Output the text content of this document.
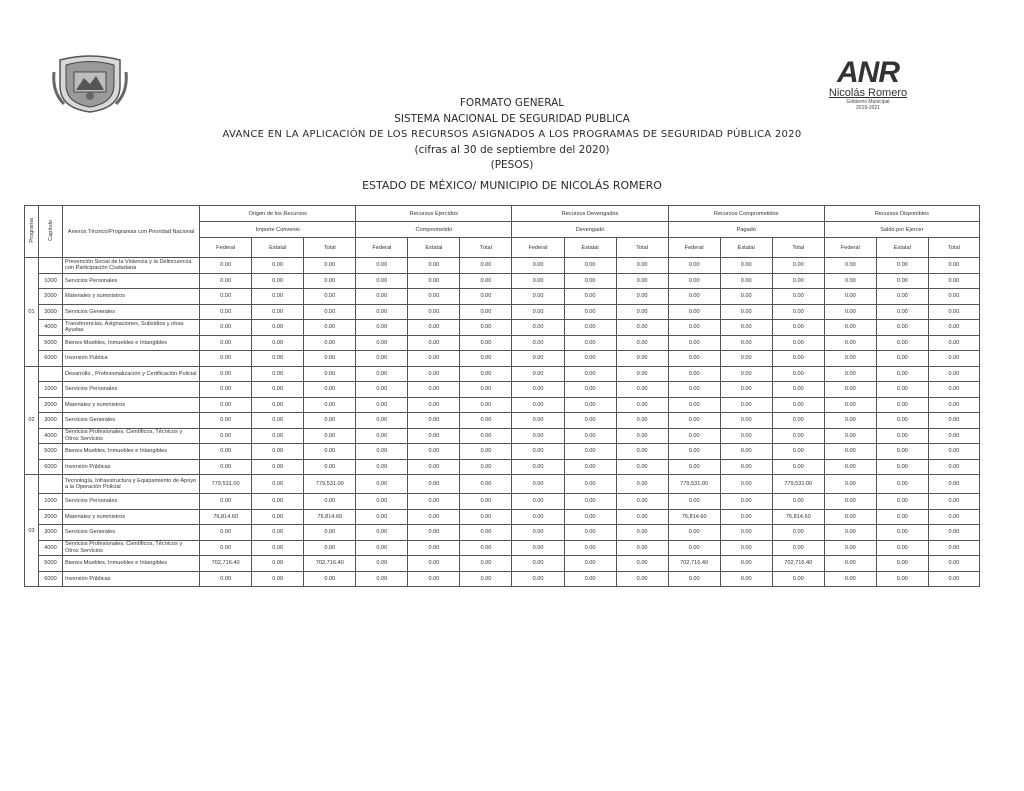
ANR
Nicolás Romero
Gobierno Municipal
2019-2021
FORMATO GENERAL
SISTEMA NACIONAL DE SEGURIDAD PUBLICA
AVANCE EN LA APLICACIÓN DE LOS RECURSOS ASIGNADOS A LOS PROGRAMAS DE SEGURIDAD PÚBLICA 2020
(cifras al 30 de septiembre del 2020)
(PESOS)
ESTADO DE MÉXICO/ MUNICIPIO DE NICOLÁS ROMERO
Programa	Capítulo	Anexos Técnico/Programas con Prioridad Nacional	Origen de los Recursos			Recursos Ejercidos			Recursos Devengados			Recursos Comprometidos			Recursos Disponibles		
			Importe Convenio			Comprometido			Devengado			Pagado			Saldo por Ejercer		
			Federal	Estatal	Total	Federal	Estatal	Total	Federal	Estatal	Total	Federal	Estatal	Total	Federal	Estatal	Total
01		Prevención Social de la Violencia y la Delincuencia con Participación Ciudadana	0.00	0.00	0.00	0.00	0.00	0.00	0.00	0.00	0.00	0.00	0.00	0.00	0.00	0.00	0.00
	1000	Servicios Personales	0.00	0.00	0.00	0.00	0.00	0.00	0.00	0.00	0.00	0.00	0.00	0.00	0.00	0.00	0.00
	2000	Materiales y suministros	0.00	0.00	0.00	0.00	0.00	0.00	0.00	0.00	0.00	0.00	0.00	0.00	0.00	0.00	0.00
	3000	Servicios Generales	0.00	0.00	0.00	0.00	0.00	0.00	0.00	0.00	0.00	0.00	0.00	0.00	0.00	0.00	0.00
	4000	Transferencias, Asignaciones, Subsidios y otras Ayudas	0.00	0.00	0.00	0.00	0.00	0.00	0.00	0.00	0.00	0.00	0.00	0.00	0.00	0.00	0.00
	5000	Bienes Muebles, Inmuebles e Intangibles	0.00	0.00	0.00	0.00	0.00	0.00	0.00	0.00	0.00	0.00	0.00	0.00	0.00	0.00	0.00
	6000	Inversión Pública	0.00	0.00	0.00	0.00	0.00	0.00	0.00	0.00	0.00	0.00	0.00	0.00	0.00	0.00	0.00
02		Desarrollo , Profesionalización y Certificación Policial	0.00	0.00	0.00	0.00	0.00	0.00	0.00	0.00	0.00	0.00	0.00	0.00	0.00	0.00	0.00
	1000	Servicios Personales	0.00	0.00	0.00	0.00	0.00	0.00	0.00	0.00	0.00	0.00	0.00	0.00	0.00	0.00	0.00
	2000	Materiales y suministros	0.00	0.00	0.00	0.00	0.00	0.00	0.00	0.00	0.00	0.00	0.00	0.00	0.00	0.00	0.00
	3000	Servicios Generales	0.00	0.00	0.00	0.00	0.00	0.00	0.00	0.00	0.00	0.00	0.00	0.00	0.00	0.00	0.00
	4000	Servicios Profesionales, Científicos, Técnicos y Otros Servicios	0.00	0.00	0.00	0.00	0.00	0.00	0.00	0.00	0.00	0.00	0.00	0.00	0.00	0.00	0.00
	5000	Bienes Muebles, Inmuebles e Intangibles	0.00	0.00	0.00	0.00	0.00	0.00	0.00	0.00	0.00	0.00	0.00	0.00	0.00	0.00	0.00
	6000	Inversión Públicas	0.00	0.00	0.00	0.00	0.00	0.00	0.00	0.00	0.00	0.00	0.00	0.00	0.00	0.00	0.00
03		Tecnología, Infraestructura y Equipamiento de Apoyo a la Operación Policial	779,531.00	0.00	779,531.00	0.00	0.00	0.00	0.00	0.00	0.00	779,531.00	0.00	779,531.00	0.00	0.00	0.00
	1000	Servicios Personales	0.00	0.00	0.00	0.00	0.00	0.00	0.00	0.00	0.00	0.00	0.00	0.00	0.00	0.00	0.00
	2000	Materiales y suministros	76,814.60	0.00	76,814.60	0.00	0.00	0.00	0.00	0.00	0.00	76,814.60	0.00	76,814.60	0.00	0.00	0.00
	3000	Servicios Generales	0.00	0.00	0.00	0.00	0.00	0.00	0.00	0.00	0.00	0.00	0.00	0.00	0.00	0.00	0.00
	4000	Servicios Profesionales, Científicos, Técnicos y Otros Servicios	0.00	0.00	0.00	0.00	0.00	0.00	0.00	0.00	0.00	0.00	0.00	0.00	0.00	0.00	0.00
	5000	Bienes Muebles, Inmuebles e Intangibles	702,716.40	0.00	702,716.40	0.00	0.00	0.00	0.00	0.00	0.00	702,716.40	0.00	702,716.40	0.00	0.00	0.00
	6000	Inversión Públicas	0.00	0.00	0.00	0.00	0.00	0.00	0.00	0.00	0.00	0.00	0.00	0.00	0.00	0.00	0.00
